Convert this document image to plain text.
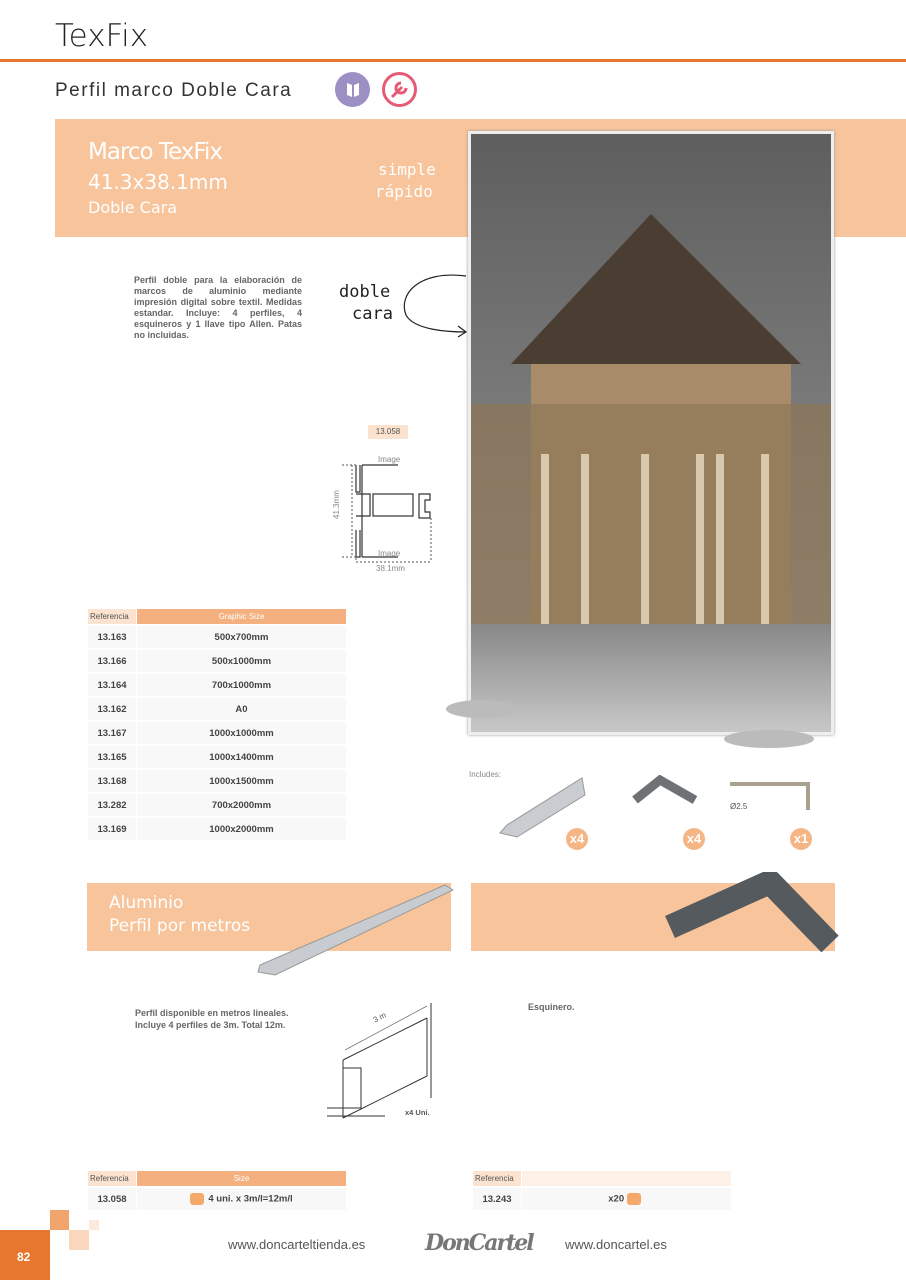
TexFix
Perfil marco Doble Cara
Marco TexFix
41.3x38.1mm
Doble Cara
simple
rápido
doble
cara
Perfil doble para la elaboración de marcos de aluminio mediante impresión digital sobre textil. Medidas estandar. Incluye: 4 perfiles, 4 esquineros y 1 llave tipo Allen. Patas no incluidas.
13.058
Image
Image
38.1mm
41.3mm
Referencia	Graphic Size
13.163	500x700mm
13.166	500x1000mm
13.164	700x1000mm
13.162	A0
13.167	1000x1000mm
13.165	1000x1400mm
13.168	1000x1500mm
13.282	700x2000mm
13.169	1000x2000mm
Includes:
Ø2.5
x4	x4	x1
Aluminio
Perfil por metros
Perfil disponible en metros lineales.
Incluye 4 perfiles de 3m. Total 12m.
3 m
x4 Uni.
Esquinero.
Referencia	Size
13.058	4 uni. x 3m/l=12m/l
Referencia	
13.243	x20
82
www.doncarteltienda.es	DonCartel www.doncartel.es
